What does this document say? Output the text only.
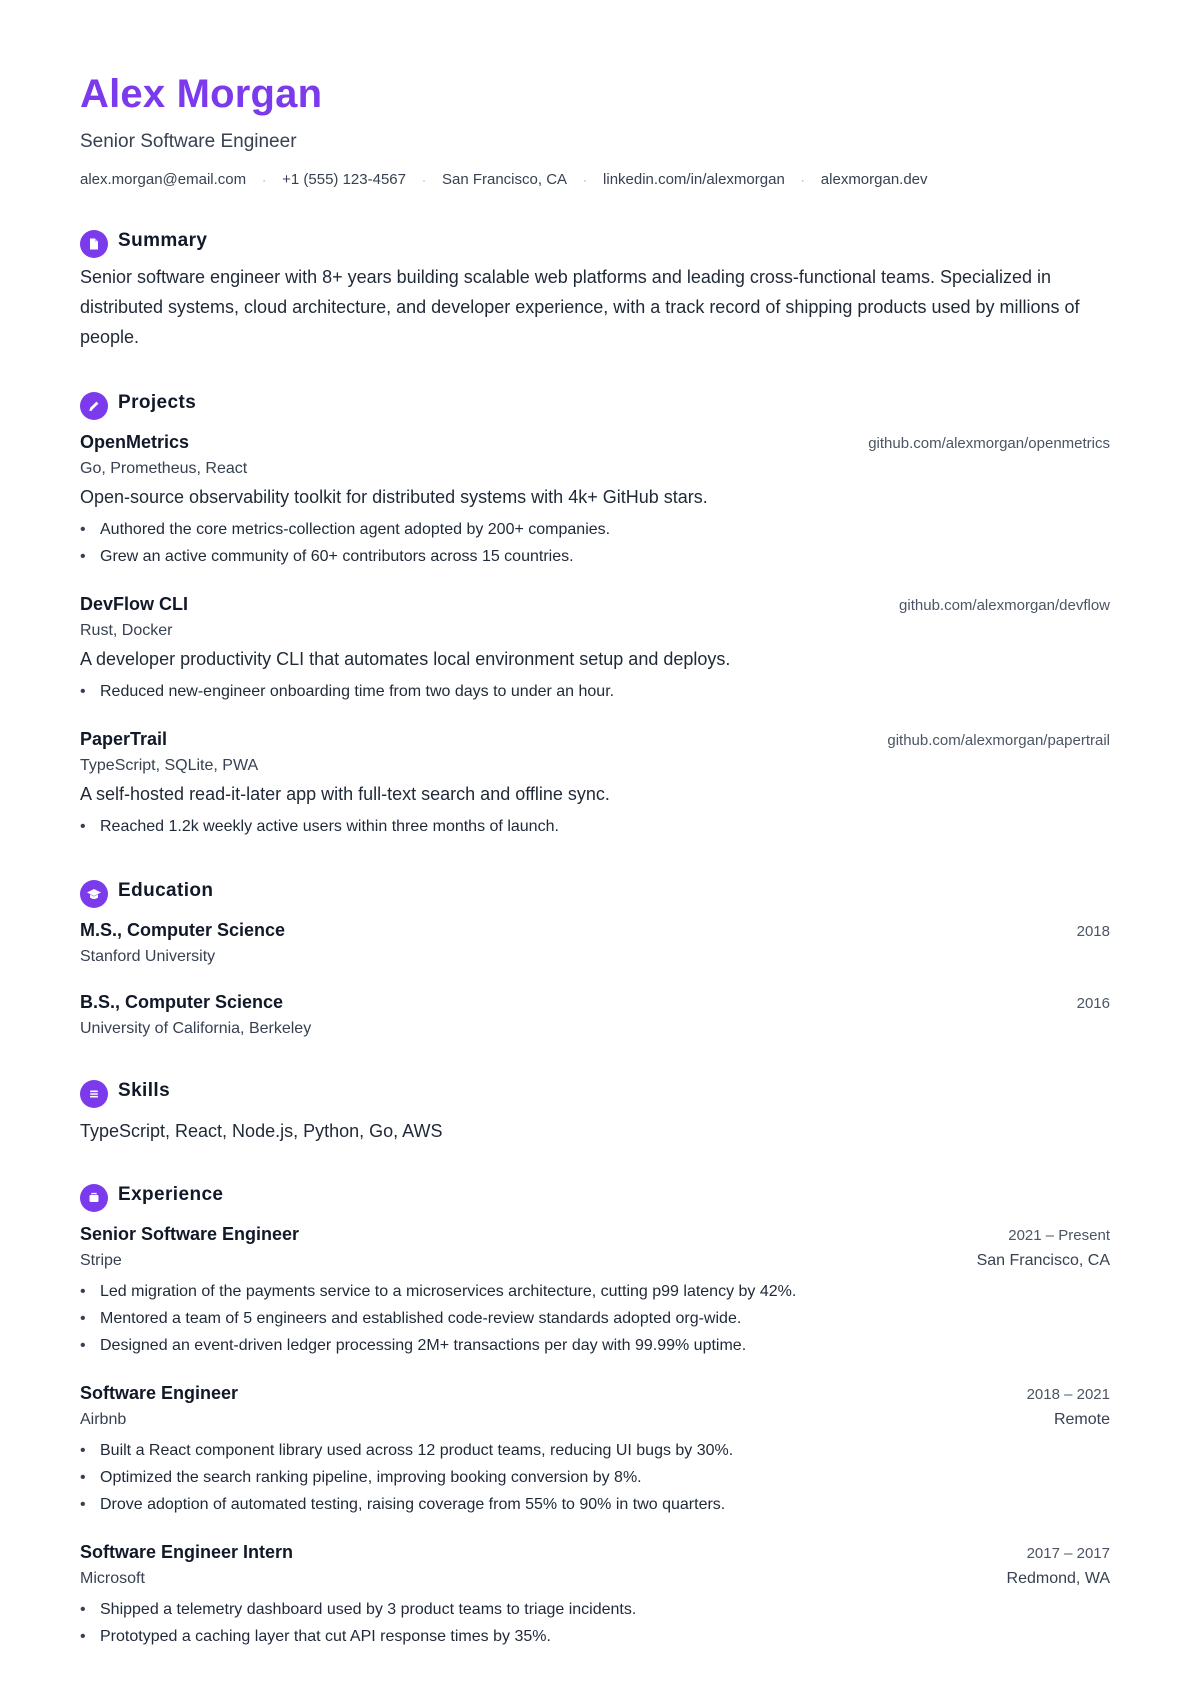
Alex Morgan
Senior Software Engineer
alex.morgan@email.com · +1 (555) 123-4567 · San Francisco, CA · linkedin.com/in/alexmorgan · alexmorgan.dev
Summary
Senior software engineer with 8+ years building scalable web platforms and leading cross-functional teams. Specialized in distributed systems, cloud architecture, and developer experience, with a track record of shipping products used by millions of people.
Projects
OpenMetrics	github.com/alexmorgan/openmetrics
Go, Prometheus, React
Open-source observability toolkit for distributed systems with 4k+ GitHub stars.
• Authored the core metrics-collection agent adopted by 200+ companies.
• Grew an active community of 60+ contributors across 15 countries.
DevFlow CLI	github.com/alexmorgan/devflow
Rust, Docker
A developer productivity CLI that automates local environment setup and deploys.
• Reduced new-engineer onboarding time from two days to under an hour.
PaperTrail	github.com/alexmorgan/papertrail
TypeScript, SQLite, PWA
A self-hosted read-it-later app with full-text search and offline sync.
• Reached 1.2k weekly active users within three months of launch.
Education
M.S., Computer Science	2018
Stanford University
B.S., Computer Science	2016
University of California, Berkeley
Skills
TypeScript, React, Node.js, Python, Go, AWS
Experience
Senior Software Engineer	2021 – Present
Stripe	San Francisco, CA
• Led migration of the payments service to a microservices architecture, cutting p99 latency by 42%.
• Mentored a team of 5 engineers and established code-review standards adopted org-wide.
• Designed an event-driven ledger processing 2M+ transactions per day with 99.99% uptime.
Software Engineer	2018 – 2021
Airbnb	Remote
• Built a React component library used across 12 product teams, reducing UI bugs by 30%.
• Optimized the search ranking pipeline, improving booking conversion by 8%.
• Drove adoption of automated testing, raising coverage from 55% to 90% in two quarters.
Software Engineer Intern	2017 – 2017
Microsoft	Redmond, WA
• Shipped a telemetry dashboard used by 3 product teams to triage incidents.
• Prototyped a caching layer that cut API response times by 35%.
